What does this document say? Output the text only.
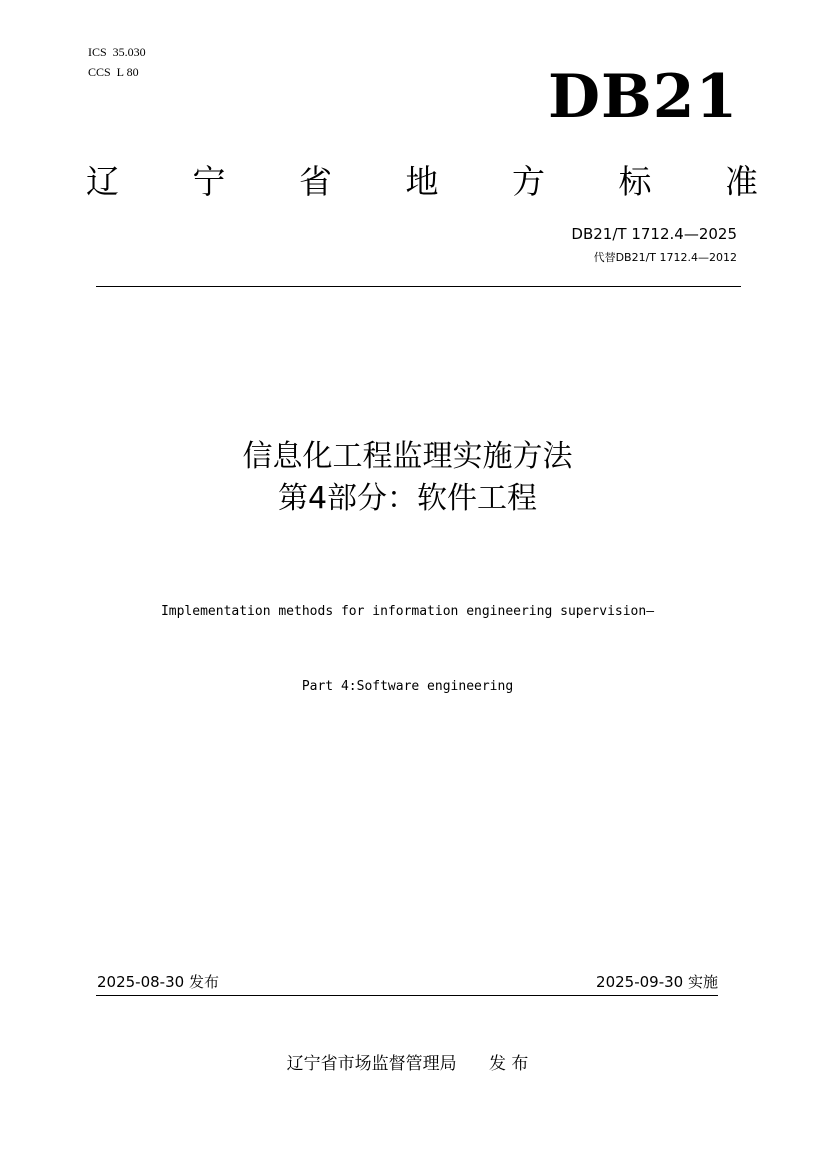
ICS  35.030
CCS  L 80	DB21
辽 宁 省 地 方 标 准
DB21/T 1712.4—2025
代替DB21/T 1712.4—2012
信息化工程监理实施方法
第4部分：软件工程

Implementation methods for information engineering supervision—

Part 4:Software engineering

2025-08-30 发布	2025-09-30 实施
辽宁省市场监督管理局      发 布
